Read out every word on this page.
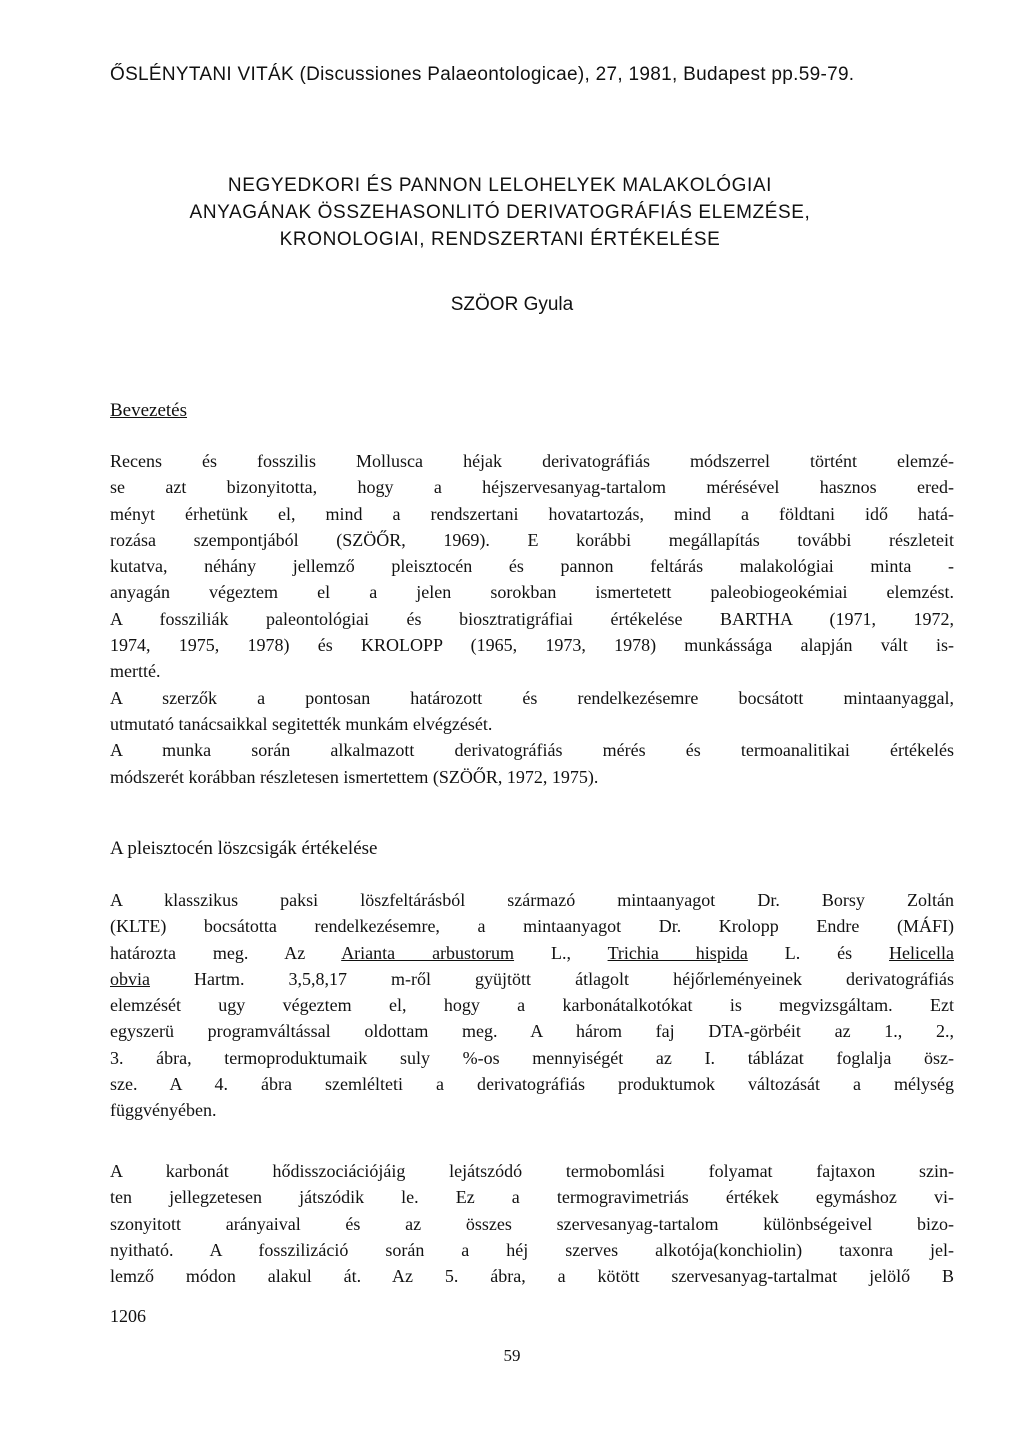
ŐSLÉNYTANI VITÁK (Discussiones Palaeontologicae), 27, 1981, Budapest pp.59-79.
NEGYEDKORI ÉS PANNON LELOHELYEK MALAKOLÓGIAI
ANYAGÁNAK ÖSSZEHASONLITÓ DERIVATOGRÁFIÁS ELEMZÉSE,
KRONOLOGIAI, RENDSZERTANI ÉRTÉKELÉSE
SZÖOR Gyula
Bevezetés
Recens és fosszilis Mollusca héjak derivatográfiás módszerrel történt elemzé-
se azt bizonyitotta, hogy a héjszervesanyag-tartalom mérésével hasznos ered-
ményt érhetünk el, mind a rendszertani hovatartozás, mind a földtani idő hatá-
rozása szempontjából (SZÖŐR, 1969). E korábbi megállapítás további részleteit
kutatva, néhány jellemző pleisztocén és pannon feltárás malakológiai minta -
anyagán végeztem el a jelen sorokban ismertetett paleobiogeokémiai elemzést.
A fossziliák paleontológiai és biosztratigráfiai értékelése BARTHA (1971, 1972,
1974, 1975, 1978) és KROLOPP (1965, 1973, 1978) munkássága alapján vált is-
mertté.
A szerzők a pontosan határozott és rendelkezésemre bocsátott mintaanyaggal,
utmutató tanácsaikkal segitették munkám elvégzését.
A munka során alkalmazott derivatográfiás mérés és termoanalitikai értékelés
módszerét korábban részletesen ismertettem (SZÖŐR, 1972, 1975).
A pleisztocén löszcsigák értékelése
A klasszikus paksi löszfeltárásból származó mintaanyagot Dr. Borsy Zoltán
(KLTE) bocsátotta rendelkezésemre, a mintaanyagot Dr. Krolopp Endre (MÁFI)
határozta meg. Az Arianta arbustorum L., Trichia hispida L. és Helicella
obvia Hartm. 3,5,8,17 m-ről gyüjtött átlagolt héjőrleményeinek derivatográfiás
elemzését ugy végeztem el, hogy a karbonátalkotókat is megvizsgáltam. Ezt
egyszerü programváltással oldottam meg. A három faj DTA-görbéit az 1., 2.,
3. ábra, termoproduktumaik suly %-os mennyiségét az I. táblázat foglalja ösz-
sze. A 4. ábra szemlélteti a derivatográfiás produktumok változását a mélység
függvényében.
A karbonát hődisszociációjáig lejátszódó termobomlási folyamat fajtaxon szin-
ten jellegzetesen játszódik le. Ez a termogravimetriás értékek egymáshoz vi-
szonyitott arányaival és az összes szervesanyag-tartalom különbségeivel bizo-
nyitható. A fosszilizáció során a héj szerves alkotója(konchiolin) taxonra jel-
lemző módon alakul át. Az 5. ábra, a kötött szervesanyag-tartalmat jelölő B
1206
59
